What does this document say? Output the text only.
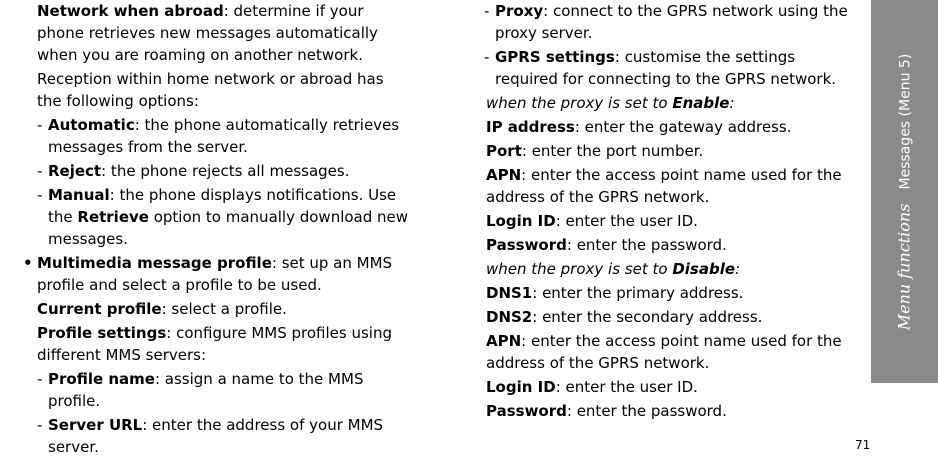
Network when abroad: determine if your phone retrieves new messages automatically when you are roaming on another network.

Reception within home network or abroad has the following options:

- Automatic: the phone automatically retrieves messages from the server.

- Reject: the phone rejects all messages.

- Manual: the phone displays notifications. Use the Retrieve option to manually download new messages.

• Multimedia message profile: set up an MMS profile and select a profile to be used.

Current profile: select a profile.

Profile settings: configure MMS profiles using different MMS servers:

- Profile name: assign a name to the MMS profile.

- Server URL: enter the address of your MMS server.

- Proxy: connect to the GPRS network using the proxy server.

- GPRS settings: customise the settings required for connecting to the GPRS network.

when the proxy is set to Enable:

IP address: enter the gateway address.

Port: enter the port number.

APN: enter the access point name used for the address of the GPRS network.

Login ID: enter the user ID.

Password: enter the password.

when the proxy is set to Disable:

DNS1: enter the primary address.

DNS2: enter the secondary address.

APN: enter the access point name used for the address of the GPRS network.

Login ID: enter the user ID.

Password: enter the password.

Menu functionsMessages (Menu 5)
71
